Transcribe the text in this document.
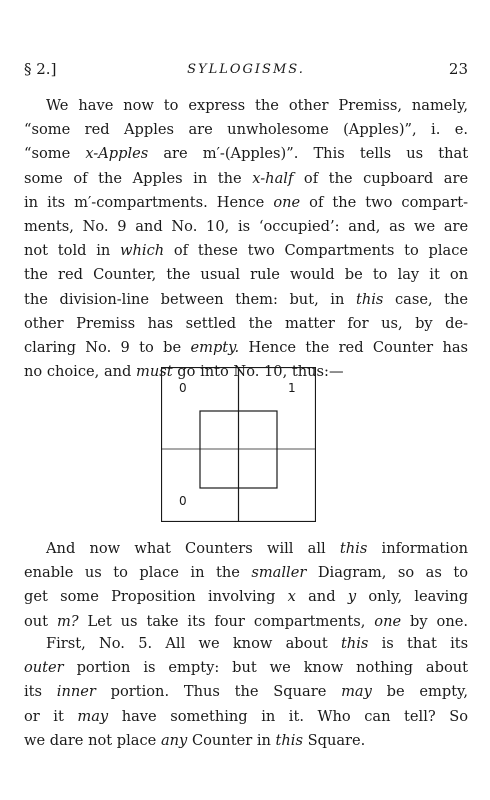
§ 2.]	SYLLOGISMS.	23
We have now to express the other Premiss, namely,
“some red Apples are unwholesome (Apples)”, i. e.
“some x-Apples are m′-(Apples)”. This tells us that
some of the Apples in the x-half of the cupboard are
in its m′-compartments. Hence one of the two compart-
ments, No. 9 and No. 10, is ‘occupied’: and, as we are
not told in which of these two Compartments to place
the red Counter, the usual rule would be to lay it on
the division-line between them: but, in this case, the
other Premiss has settled the matter for us, by de-
claring No. 9 to be empty. Hence the red Counter has
no choice, and must go into No. 10, thus:—
0	1
0
And now what Counters will all this information
enable us to place in the smaller Diagram, so as to
get some Proposition involving x and y only, leaving
out m? Let us take its four compartments, one by one.
First, No. 5. All we know about this is that its
outer portion is empty: but we know nothing about
its inner portion. Thus the Square may be empty,
or it may have something in it. Who can tell? So
we dare not place any Counter in this Square.
